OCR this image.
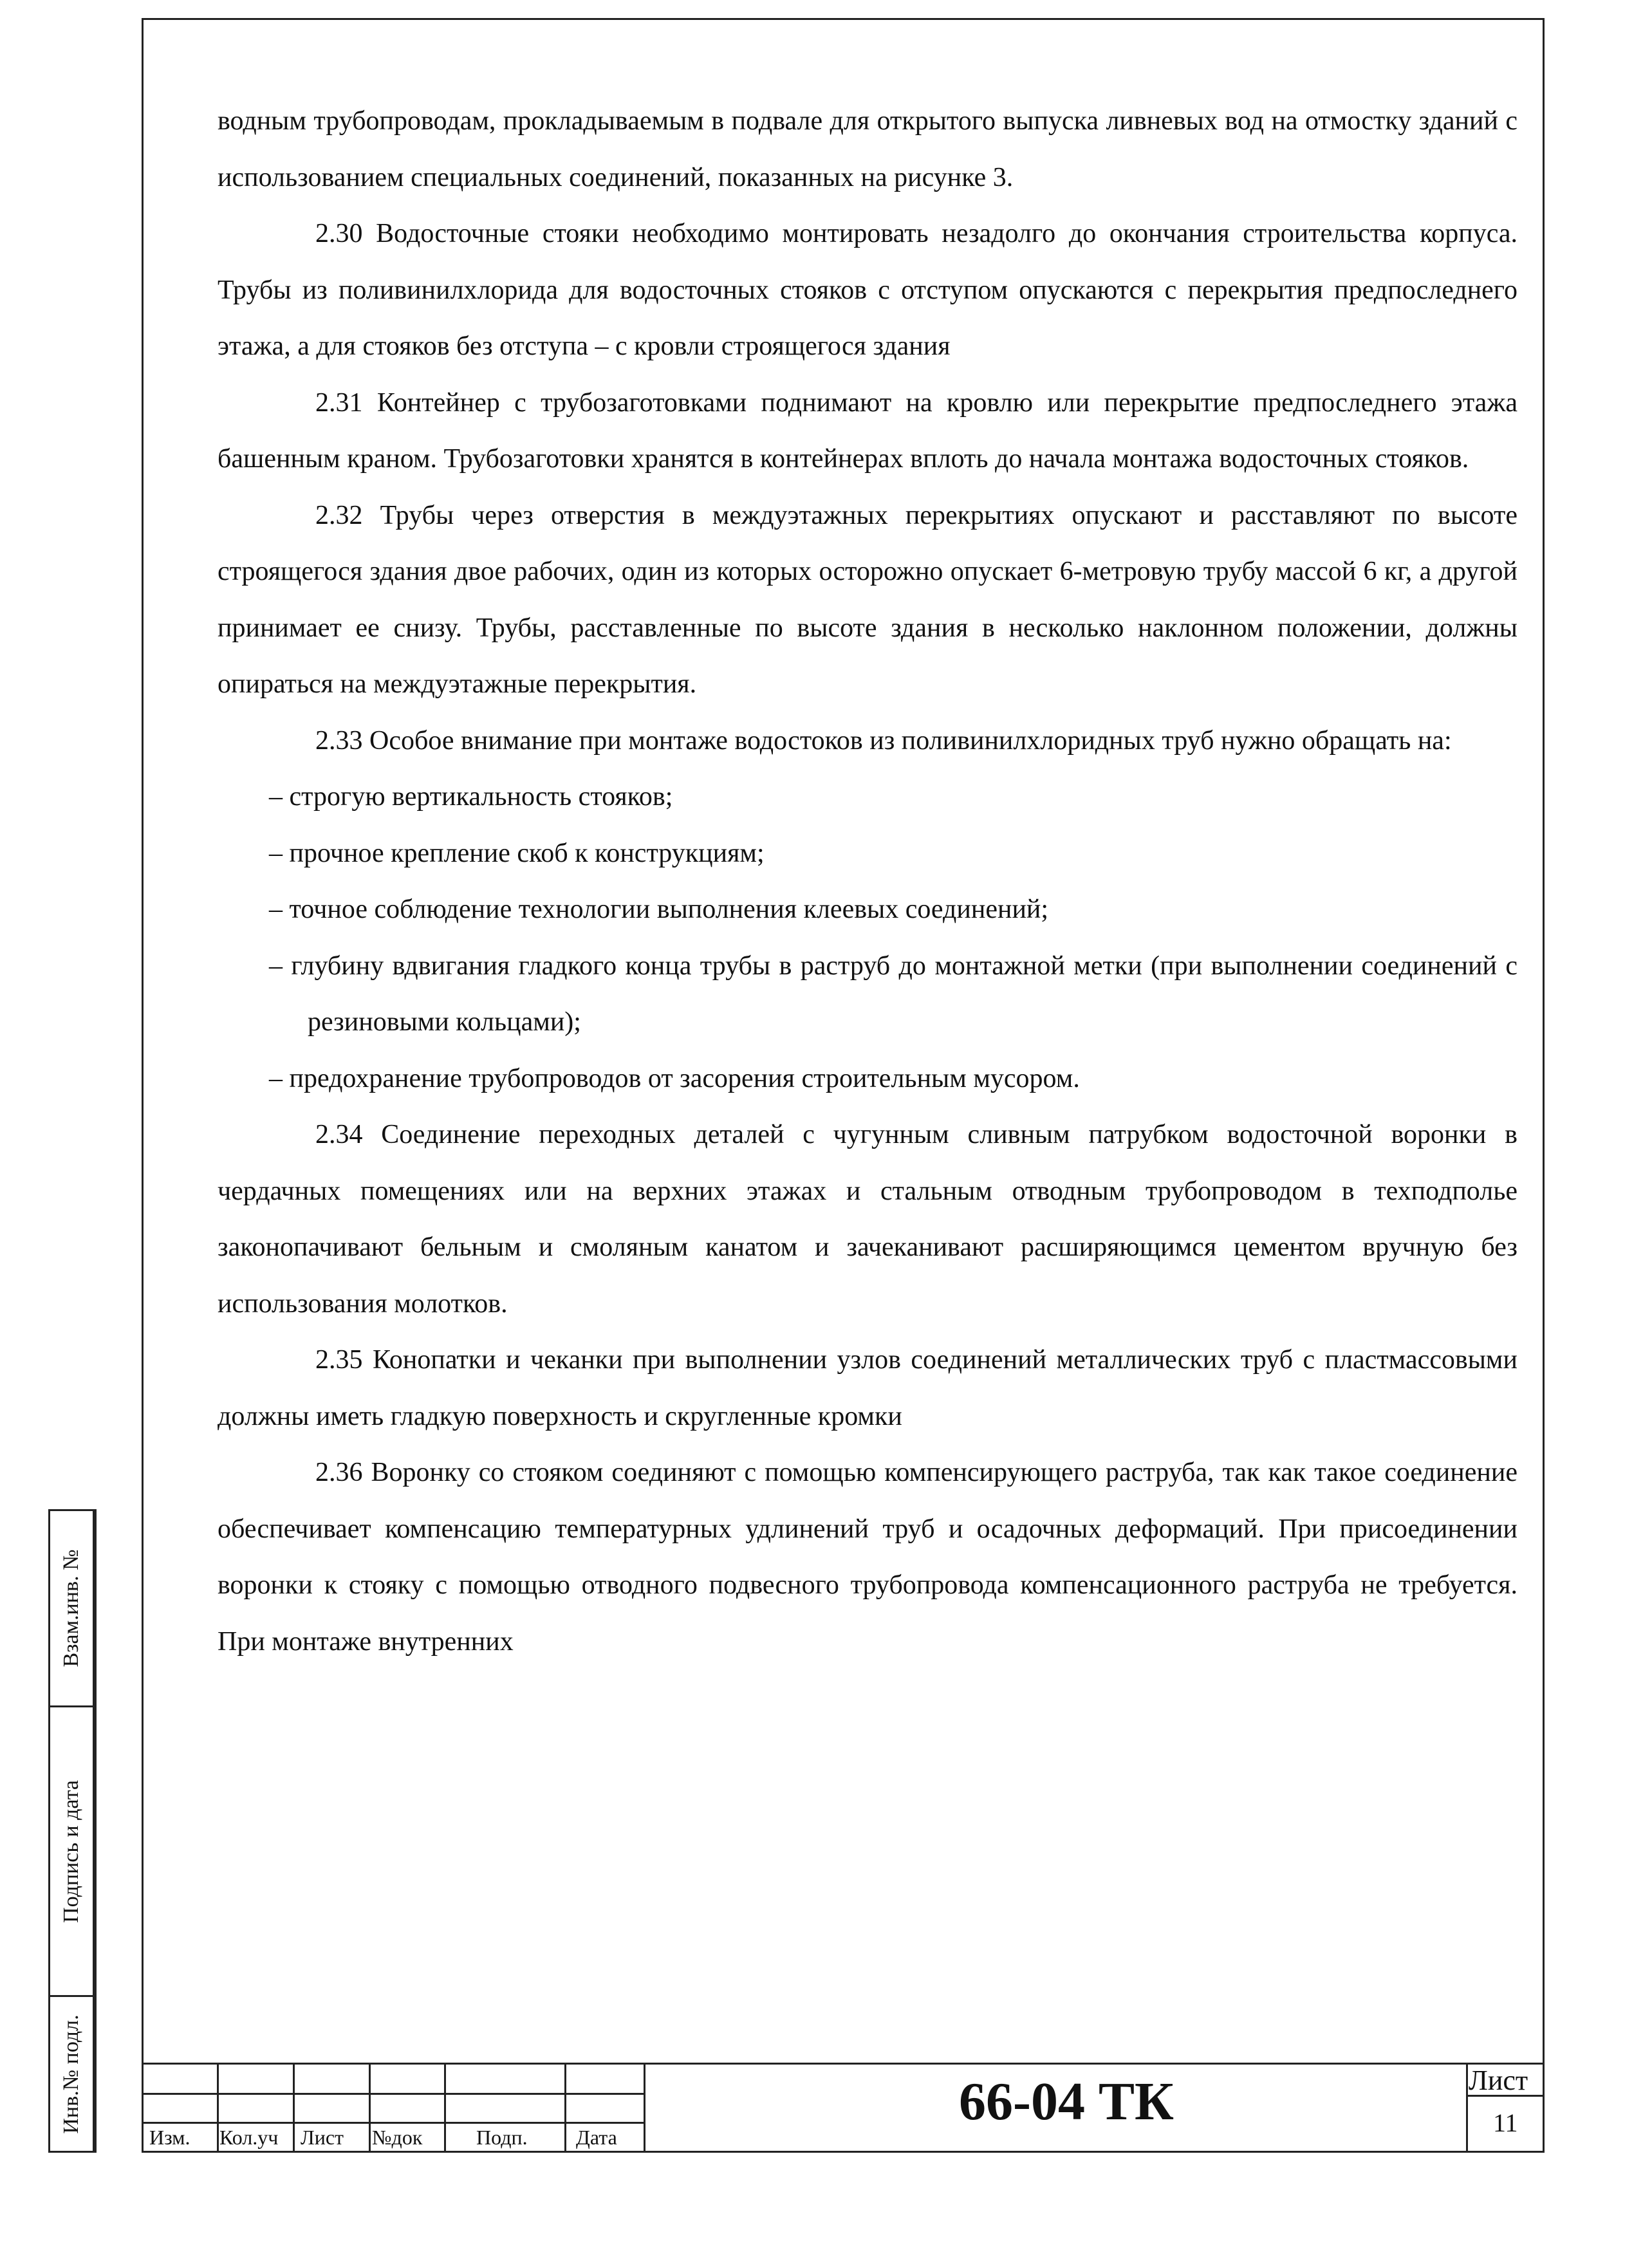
водным трубопроводам, прокладываемым в подвале для открытого выпуска ливневых вод на отмостку зданий с использованием специальных соединений, показанных на рисунке 3.

2.30 Водосточные стояки необходимо монтировать незадолго до окончания строительства корпуса. Трубы из поливинилхлорида для водосточных стояков с отступом опускаются с перекрытия предпоследнего этажа, а для стояков без отступа – с кровли строящегося здания

2.31 Контейнер с трубозаготовками поднимают на кровлю или перекрытие предпоследнего этажа башенным краном. Трубозаготовки хранятся в контейнерах вплоть до начала монтажа водосточных стояков.

2.32 Трубы через отверстия в междуэтажных перекрытиях опускают и расставляют по высоте строящегося здания двое рабочих, один из которых осторожно опускает 6-метровую трубу массой 6 кг, а другой принимает ее снизу. Трубы, расставленные по высоте здания в несколько наклонном положении, должны опираться на междуэтажные перекрытия.

2.33 Особое внимание при монтаже водостоков из поливинилхлоридных труб нужно обращать на:

– строгую вертикальность стояков;

– прочное крепление скоб к конструкциям;

– точное соблюдение технологии выполнения клеевых соединений;

– глубину вдвигания гладкого конца трубы в раструб до монтажной метки (при выполнении соединений с резиновыми кольцами);

– предохранение трубопроводов от засорения строительным мусором.

2.34 Соединение переходных деталей с чугунным сливным патрубком водосточной воронки в чердачных помещениях или на верхних этажах и стальным отводным трубопроводом в техподполье законопачивают бельным и смоляным канатом и зачеканивают расширяющимся цементом вручную без использования молотков.

2.35 Конопатки и чеканки при выполнении узлов соединений металлических труб с пластмассовыми должны иметь гладкую поверхность и скругленные кромки

2.36 Воронку со стояком соединяют с помощью компенсирующего раструба, так как такое соединение обеспечивает компенсацию температурных удлинений труб и осадочных деформаций. При присоединении воронки к стояку с помощью отводного подвесного трубопровода компенсационного раструба не требуется. При монтаже внутренних

Взам.инв. №
Подпись и дата
Инв.№ подл.
Изм. Кол.уч Лист №док	Подп. Дата
66-04 ТК	Лист
11
